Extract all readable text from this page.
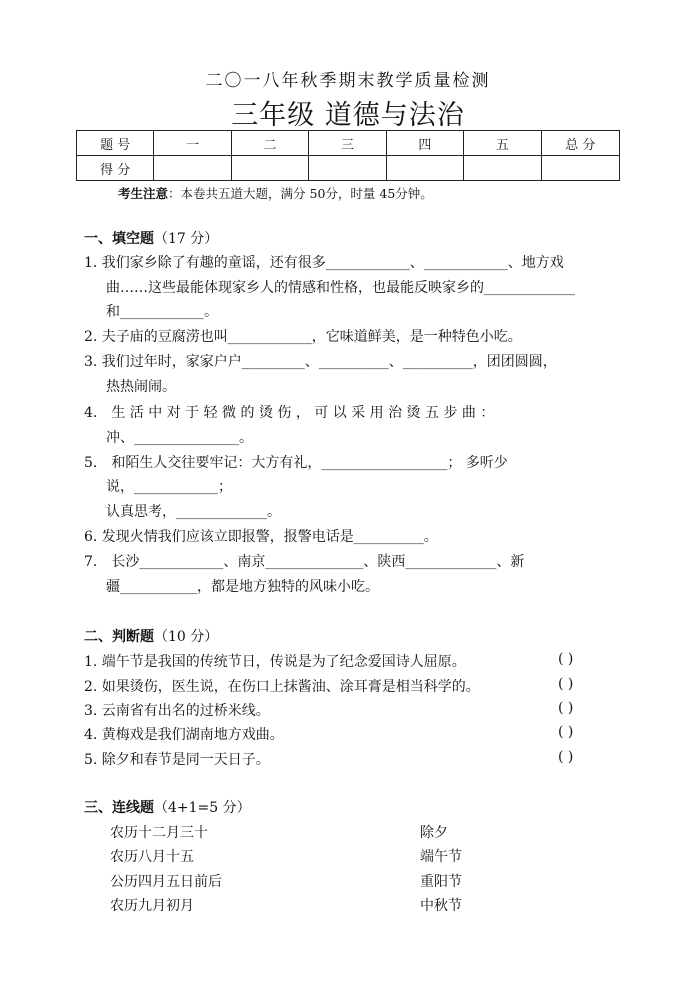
二〇一八年秋季期末教学质量检测
三年级 道德与法治
题 号	一	二	三	四	五	总 分
得 分						
考生注意：本卷共五道大题，满分 50分，时量 45分钟。
一、填空题（17 分）
1. 我们家乡除了有趣的童谣，还有很多____________、____________、地方戏
曲……这些最能体现家乡人的情感和性格，也最能反映家乡的_____________
和____________。
2. 夫子庙的豆腐涝也叫____________，它味道鲜美，是一种特色小吃。
3. 我们过年时，家家户户_________、__________、__________，团团圆圆，
热热闹闹。
4． 生 活 中 对 于 轻 微 的 烫 伤 ， 可 以 采 用 治 烫 五 步 曲 ：
冲、_______________。
5． 和陌生人交往要牢记：大方有礼，__________________； 多听少
说，____________；
认真思考，_____________。
6. 发现火情我们应该立即报警，报警电话是__________。
7． 长沙____________、南京______________、陕西_____________、新
疆___________，都是地方独特的风味小吃。
二、判断题（10 分）
1. 端午节是我国的传统节日，传说是为了纪念爱国诗人屈原。	( )
2. 如果烫伤，医生说，在伤口上抹酱油、涂耳膏是相当科学的。	( )
3. 云南省有出名的过桥米线。	( )
4. 黄梅戏是我们湖南地方戏曲。	( )
5. 除夕和春节是同一天日子。	( )
三、连线题（4+1=5 分）
农历十二月三十	除夕
农历八月十五	端午节
公历四月五日前后	重阳节
农历九月初月	中秋节
